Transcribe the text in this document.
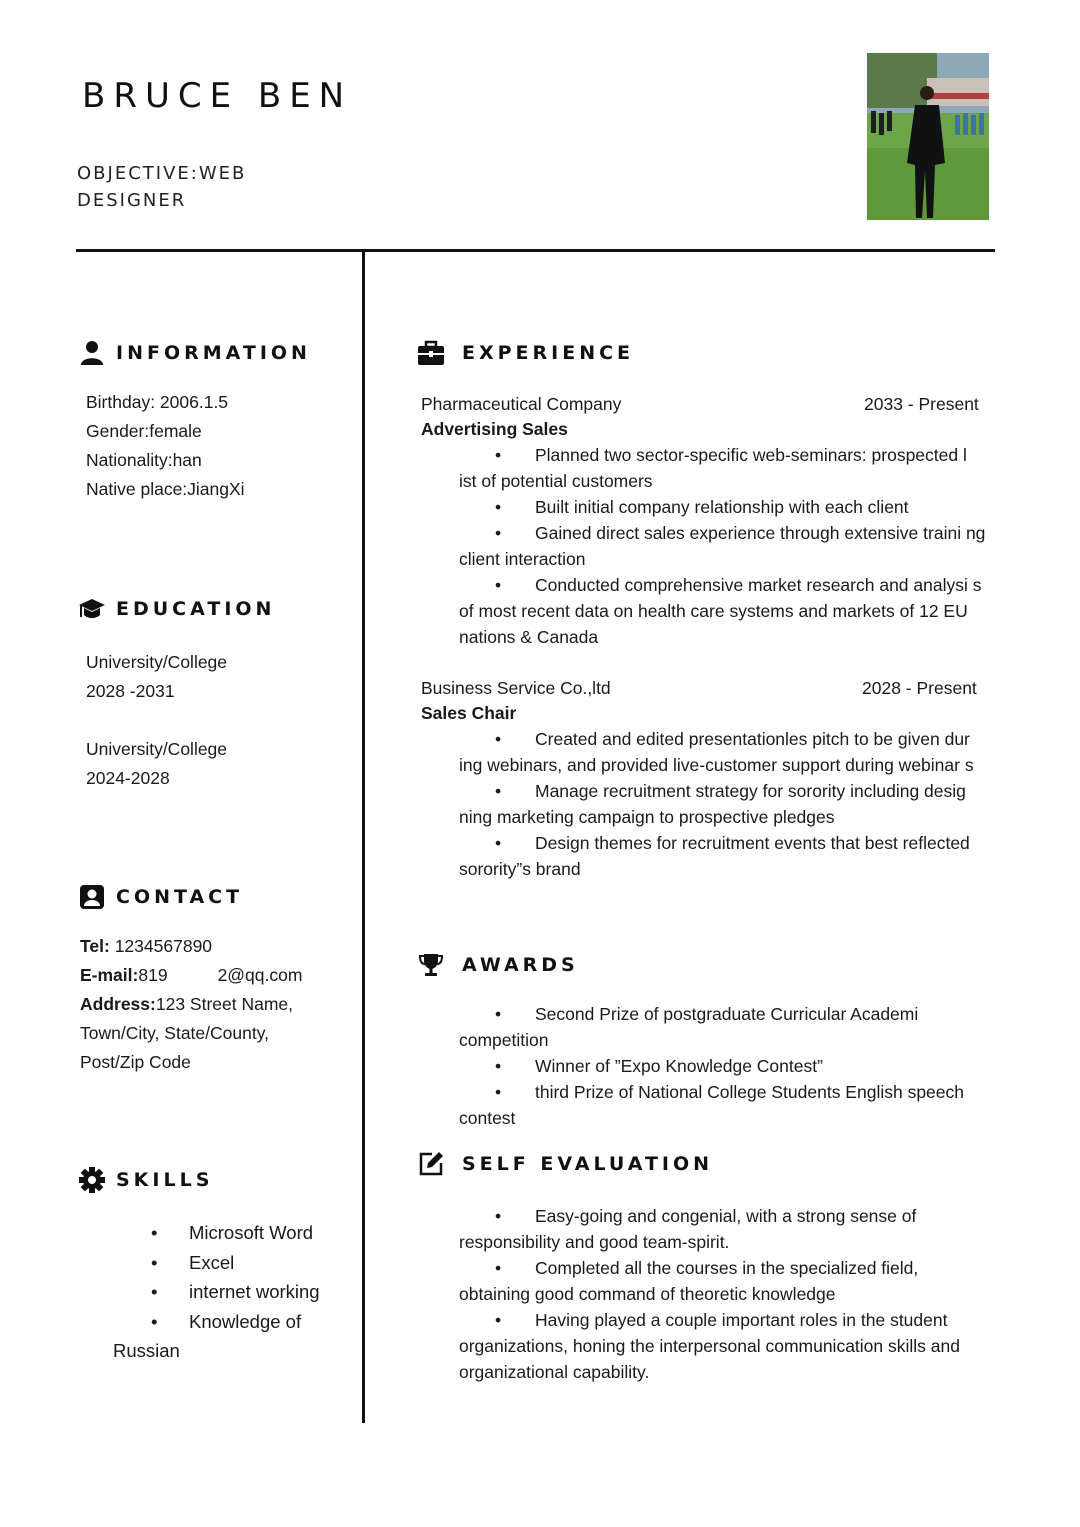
BRUCE BEN
OBJECTIVE:WEB DESIGNER
INFORMATION
Birthday: 2006.1.5
Gender:female
Nationality:han
Native place:JiangXi
EDUCATION
University/College
2028 -2031
University/College
2024-2028
CONTACT
Tel: 1234567890
E-mail:819	2@qq.com
Address:123 Street Name,
Town/City, State/County,
Post/Zip Code
SKILLS
• Microsoft Word
• Excel
• internet working
• Knowledge of Russian
EXPERIENCE
Pharmaceutical Company	2033 - Present
Advertising Sales

• Planned two sector-specific web-seminars: prospected l ist of potential customers

• Built initial company relationship with each client

• Gained direct sales experience through extensive traini ng client interaction

• Conducted comprehensive market research and analysi s of most recent data on health care systems and markets of 12 EU nations & Canada

Business Service Co.,ltd	2028 - Present
Sales Chair

• Created and edited presentationles pitch to be given dur ing webinars, and provided live-customer support during webinar s

• Manage recruitment strategy for sorority including desig ning marketing campaign to prospective pledges

• Design themes for recruitment events that best reflected sorority”s brand

AWARDS

• Second Prize of postgraduate Curricular Academi competition

• Winner of ”Expo Knowledge Contest”

• third Prize of National College Students English speech contest

SELF EVALUATION

• Easy-going and congenial, with a strong sense of responsibility and good team-spirit.

• Completed all the courses in the specialized field, obtaining good command of theoretic knowledge

• Having played a couple important roles in the student organizations, honing the interpersonal communication skills and organizational capability.
